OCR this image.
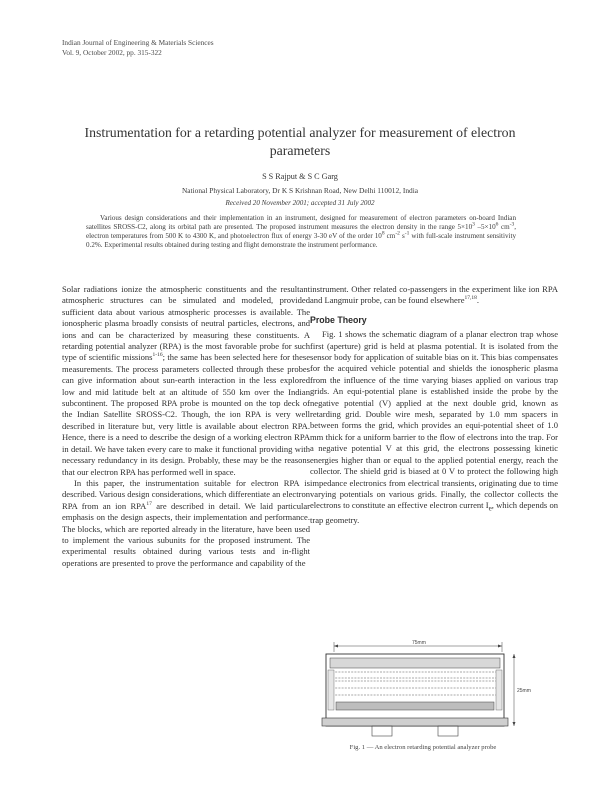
Indian Journal of Engineering & Materials Sciences
Vol. 9, October 2002, pp. 315-322
Instrumentation for a retarding potential analyzer for measurement of electron parameters
S S Rajput & S C Garg
National Physical Laboratory, Dr K S Krishnan Road, New Delhi 110012, India
Received 20 November 2001; accepted 31 July 2002
Various design considerations and their implementation in an instrument, designed for measurement of electron parameters on-board Indian satellites SROSS-C2, along its orbital path are presented. The proposed instrument measures the electron density in the range $5\times 10^3$ $-5\times 10^6$ $cm^{-3}$, electron temperatures from 500 K to 4300 K, and photoelectron flux of energy 3-30 eV of the order $10^8$ $cm^{-2}$ $s^{-1}$ with full-scale instrument sensitivity 0.2%. Experimental results obtained during testing and flight demonstrate the instrument performance.

Solar radiations ionize the atmospheric constituents and the resultant atmospheric structures can be simulated and modeled, provided sufficient data about various atmospheric processes is available. The ionospheric plasma broadly consists of neutral particles, electrons, and ions and can be characterized by measuring these constituents. A retarding potential analyzer (RPA) is the most favorable probe for such type of scientific missions$^{1-16}$; the same has been selected here for these measurements. The process parameters collected through these probes can give information about sun-earth interaction in the less explored low and mid latitude belt at an altitude of 550 km over the Indian subcontinent. The proposed RPA probe is mounted on the top deck of the Indian Satellite SROSS-C2. Though, the ion RPA is very well described in literature but, very little is available about electron RPA. Hence, there is a need to describe the design of a working electron RPA in detail. We have taken every care to make it functional providing with necessary redundancy in its design. Probably, these may be the reasons that our electron RPA has performed well in space.

In this paper, the instrumentation suitable for electron RPA is described. Various design considerations, which differentiate an electron RPA from an ion RPA$^{17}$ are described in detail. We laid particular emphasis on the design aspects, their implementation and performance. The blocks, which are reported already in the literature, have been used to implement the various subunits for the proposed instrument. The experimental results obtained during various tests and in-flight operations are presented to prove the performance and capability of the

instrument. Other related co-passengers in the experiment like ion RPA and Langmuir probe, can be found elsewhere$^{17,18}$.

Probe Theory

Fig. 1 shows the schematic diagram of a planar electron trap whose first (aperture) grid is held at plasma potential. It is isolated from the sensor body for application of suitable bias on it. This bias compensates for the acquired vehicle potential and shields the ionospheric plasma from the influence of the time varying biases applied on various trap grids. An equi-potential plane is established inside the probe by the negative potential (V) applied at the next double grid, known as retarding grid. Double wire mesh, separated by 1.0 mm spacers in between forms the grid, which provides an equi-potential sheet of 1.0 mm thick for a uniform barrier to the flow of electrons into the trap. For a negative potential V at this grid, the electrons possessing kinetic energies higher than or equal to the applied potential energy, reach the collector. The shield grid is biased at 0 V to protect the following high impedance electronics from electrical transients, originating due to time varying potentials on various grids. Finally, the collector collects the electrons to constitute an effective electron current $I_e$, which depends on trap geometry.

75mm
25mm
Fig. 1 — An electron retarding potential analyzer probe
